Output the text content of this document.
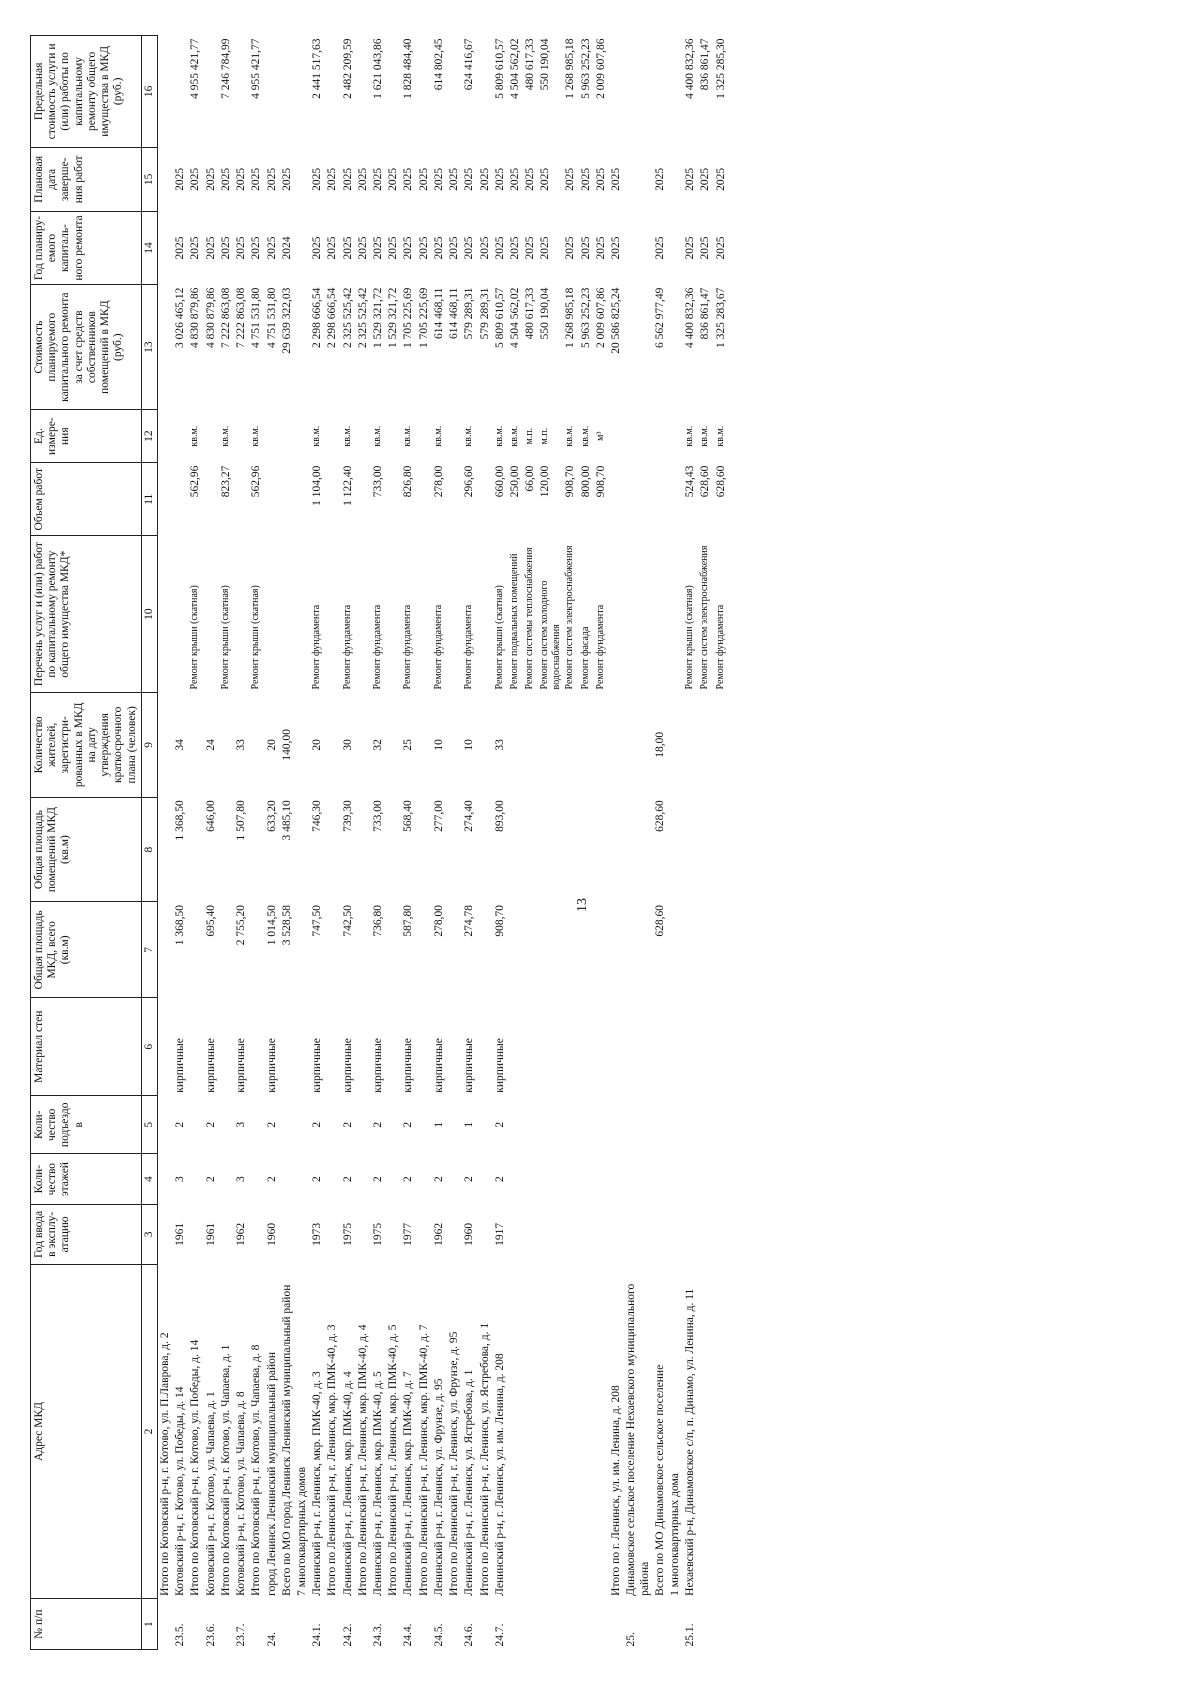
13
№ п/п	Адрес МКД	Год ввода в эксплу-атацию	Коли-чество этажей	Коли-чество подъездо в	Материал стен	Общая площадь МКД, всего (кв.м)	Общая площадь помещений МКД (кв.м)	Количество жителей, зарегистри-рованных в МКД на дату утверждения краткосрочного плана (человек)	Перечень услуг и (или) работ по капитальному ремонту общего имущества МКД*	Объем работ	Ед. измере-ния	Стоимость планируемого капитального ремонта за счет средств собственников помещений в МКД (руб.)	Год планиру-емого капиталь-ного ремонта	Плановая дата заверше-ния работ	Предельная стоимость услуги и (или) работы по капитальному ремонту общего имущества в МКД (руб.)
1	2	3	4	5	6	7	8	9	10	11	12	13	14	15	16
	Итого по Котовский р-н, г. Котово, ул. П.Лаврова, д. 2														
23.5.	Котовский р-н, г. Котово, ул. Победы, д. 14	1961	3	2	кирпичные	1 368,50	1 368,50	34				3 026 465,12	2025	2025	
	Итого по Котовский р-н, г. Котово, ул. Победы, д. 14								Ремонт крыши (скатная)	562,96	кв.м.	4 830 879,86	2025	2025	4 955 421,77
23.6.	Котовский р-н, г. Котово, ул. Чапаева, д. 1	1961	2	2	кирпичные	695,40	646,00	24				4 830 879,86	2025	2025	
	Итого по Котовский р-н, г. Котово, ул. Чапаева, д. 1								Ремонт крыши (скатная)	823,27	кв.м.	7 222 863,08	2025	2025	7 246 784,99
23.7.	Котовский р-н, г. Котово, ул. Чапаева, д. 8	1962	3	3	кирпичные	2 755,20	1 507,80	33				7 222 863,08	2025	2025	
	Итого по Котовский р-н, г. Котово, ул. Чапаева, д. 8								Ремонт крыши (скатная)	562,96	кв.м.	4 751 531,80	2025	2025	4 955 421,77
24.	город Ленинск Ленинский муниципальный район	1960	2	2	кирпичные	1 014,50	633,20	20				4 751 531,80	2025	2025	
	Всего по МО город Ленинск Ленинский муниципальный район					3 528,58	3 485,10	140,00				29 639 322,03	2024	2025	
	7 многоквартирных домов														
24.1.	Ленинский р-н, г. Ленинск, мкр. ПМК-40, д. 3	1973	2	2	кирпичные	747,50	746,30	20	Ремонт фундамента	1 104,00	кв.м.	2 298 666,54	2025	2025	2 441 517,63
	Итого по Ленинский р-н, г. Ленинск, мкр. ПМК-40, д. 3											2 298 666,54	2025	2025	
24.2.	Ленинский р-н, г. Ленинск, мкр. ПМК-40, д. 4	1975	2	2	кирпичные	742,50	739,30	30	Ремонт фундамента	1 122,40	кв.м.	2 325 525,42	2025	2025	2 482 209,59
	Итого по Ленинский р-н, г. Ленинск, мкр. ПМК-40, д. 4											2 325 525,42	2025	2025	
24.3.	Ленинский р-н, г. Ленинск, мкр. ПМК-40, д. 5	1975	2	2	кирпичные	736,80	733,00	32	Ремонт фундамента	733,00	кв.м.	1 529 321,72	2025	2025	1 621 043,86
	Итого по Ленинский р-н, г. Ленинск, мкр. ПМК-40, д. 5											1 529 321,72	2025	2025	
24.4.	Ленинский р-н, г. Ленинск, мкр. ПМК-40, д. 7	1977	2	2	кирпичные	587,80	568,40	25	Ремонт фундамента	826,80	кв.м.	1 705 225,69	2025	2025	1 828 484,40
	Итого по Ленинский р-н, г. Ленинск, мкр. ПМК-40, д. 7											1 705 225,69	2025	2025	
24.5.	Ленинский р-н, г. Ленинск, ул. Фрунзе, д. 95	1962	2	1	кирпичные	278,00	277,00	10	Ремонт фундамента	278,00	кв.м.	614 468,11	2025	2025	614 802,45
	Итого по Ленинский р-н, г. Ленинск, ул. Фрунзе, д. 95											614 468,11	2025	2025	
24.6.	Ленинский р-н, г. Ленинск, ул. Ястребова, д. 1	1960	2	1	кирпичные	274,78	274,40	10	Ремонт фундамента	296,60	кв.м.	579 289,31	2025	2025	624 416,67
	Итого по Ленинский р-н, г. Ленинск, ул. Ястребова, д. 1											579 289,31	2025	2025	
24.7.	Ленинский р-н, г. Ленинск, ул. им. Ленина, д. 208	1917	2	2	кирпичные	908,70	893,00	33	Ремонт крыши (скатная)	660,00	кв.м.	5 809 610,57	2025	2025	5 809 610,57
									Ремонт подвальных помещений	250,00	кв.м.	4 504 562,02	2025	2025	4 504 562,02
									Ремонт системы теплоснабжения	66,00	м.п.	480 617,33	2025	2025	480 617,33
									Ремонт систем холодного водоснабжения	120,00	м.п.	550 190,04	2025	2025	550 190,04
									Ремонт систем электроснабжения	908,70	кв.м.	1 268 985,18	2025	2025	1 268 985,18
									Ремонт фасада	800,00	кв.м.	5 963 252,23	2025	2025	5 963 252,23
									Ремонт фундамента	908,70	м³	2 009 607,86	2025	2025	2 009 607,86
	Итого по г. Ленинск, ул. им. Ленина, д. 208											20 586 825,24	2025	2025	
25.	Динамовское сельское поселение Нехаевского муниципального района														
	Всего по МО Динамовское сельское поселение					628,60	628,60	18,00				6 562 977,49	2025	2025	
	1 многоквартирных дома														
25.1.	Нехаевский р-н, Динамовское с/п, п. Динамо, ул. Ленина, д. 11								Ремонт крыши (скатная)	524,43	кв.м.	4 400 832,36	2025	2025	4 400 832,36
									Ремонт систем электроснабжения	628,60	кв.м.	836 861,47	2025	2025	836 861,47
									Ремонт фундамента	628,60	кв.м.	1 325 283,67	2025	2025	1 325 285,30
